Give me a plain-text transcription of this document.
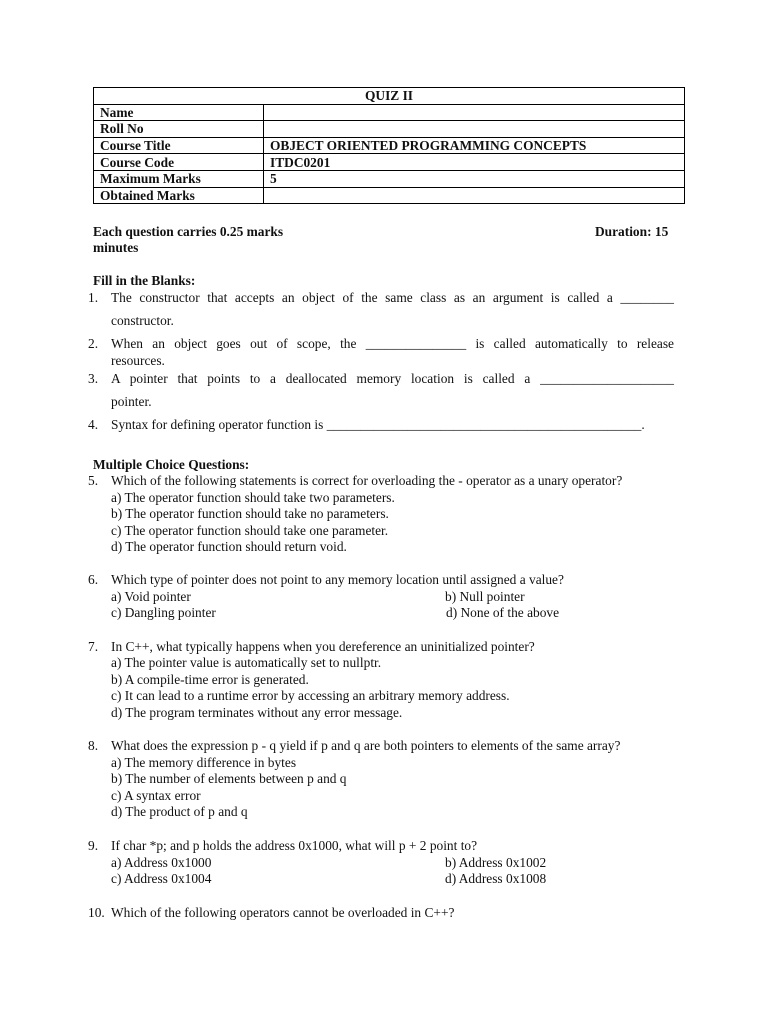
QUIZ II	
Name	
Roll No	
Course Title	OBJECT ORIENTED PROGRAMMING CONCEPTS
Course Code	ITDC0201
Maximum Marks	5
Obtained Marks	
Each question carries 0.25 marks	Duration: 15
minutes
Fill in the Blanks:
1. The constructor that accepts an object of the same class as an argument is called a ________
constructor.
2. When an object goes out of scope, the _______________ is called automatically to release
resources.
3. A pointer that points to a deallocated memory location is called a ____________________
pointer.
4. Syntax for defining operator function is _______________________________________________.
Multiple Choice Questions:
5. Which of the following statements is correct for overloading the - operator as a unary operator?
a) The operator function should take two parameters.
b) The operator function should take no parameters.
c) The operator function should take one parameter.
d) The operator function should return void.
6. Which type of pointer does not point to any memory location until assigned a value?
a) Void pointer	b) Null pointer
c) Dangling pointer	d) None of the above
7. In C++, what typically happens when you dereference an uninitialized pointer?
a) The pointer value is automatically set to nullptr.
b) A compile-time error is generated.
c) It can lead to a runtime error by accessing an arbitrary memory address.
d) The program terminates without any error message.
8. What does the expression p - q yield if p and q are both pointers to elements of the same array?
a) The memory difference in bytes
b) The number of elements between p and q
c) A syntax error
d) The product of p and q
9. If char *p; and p holds the address 0x1000, what will p + 2 point to?
a) Address 0x1000	b) Address 0x1002
c) Address 0x1004	d) Address 0x1008
10. Which of the following operators cannot be overloaded in C++?
